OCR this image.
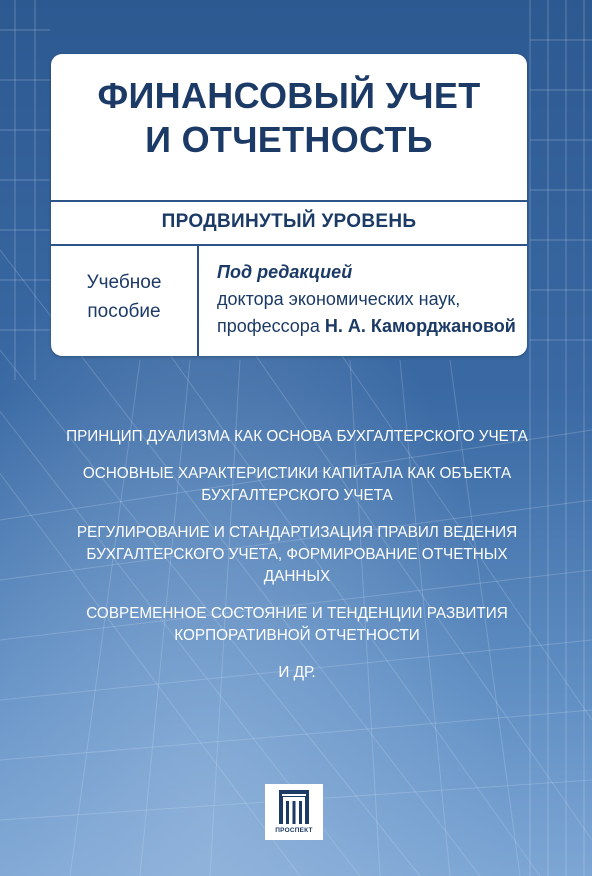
ФИНАНСОВЫЙ УЧЕТ
И ОТЧЕТНОСТЬ
ПРОДВИНУТЫЙ УРОВЕНЬ
Учебное
пособие
Под редакцией
доктора экономических наук,
профессора Н. А. Каморджановой
ПРИНЦИП ДУАЛИЗМА КАК ОСНОВА БУХГАЛТЕРСКОГО УЧЕТА
ОСНОВНЫЕ ХАРАКТЕРИСТИКИ КАПИТАЛА КАК ОБЪЕКТА
БУХГАЛТЕРСКОГО УЧЕТА
РЕГУЛИРОВАНИЕ И СТАНДАРТИЗАЦИЯ ПРАВИЛ ВЕДЕНИЯ
БУХГАЛТЕРСКОГО УЧЕТА, ФОРМИРОВАНИЕ ОТЧЕТНЫХ
ДАННЫХ
СОВРЕМЕННОЕ СОСТОЯНИЕ И ТЕНДЕНЦИИ РАЗВИТИЯ
КОРПОРАТИВНОЙ ОТЧЕТНОСТИ
И ДР.
ПРОСПЕКТ
